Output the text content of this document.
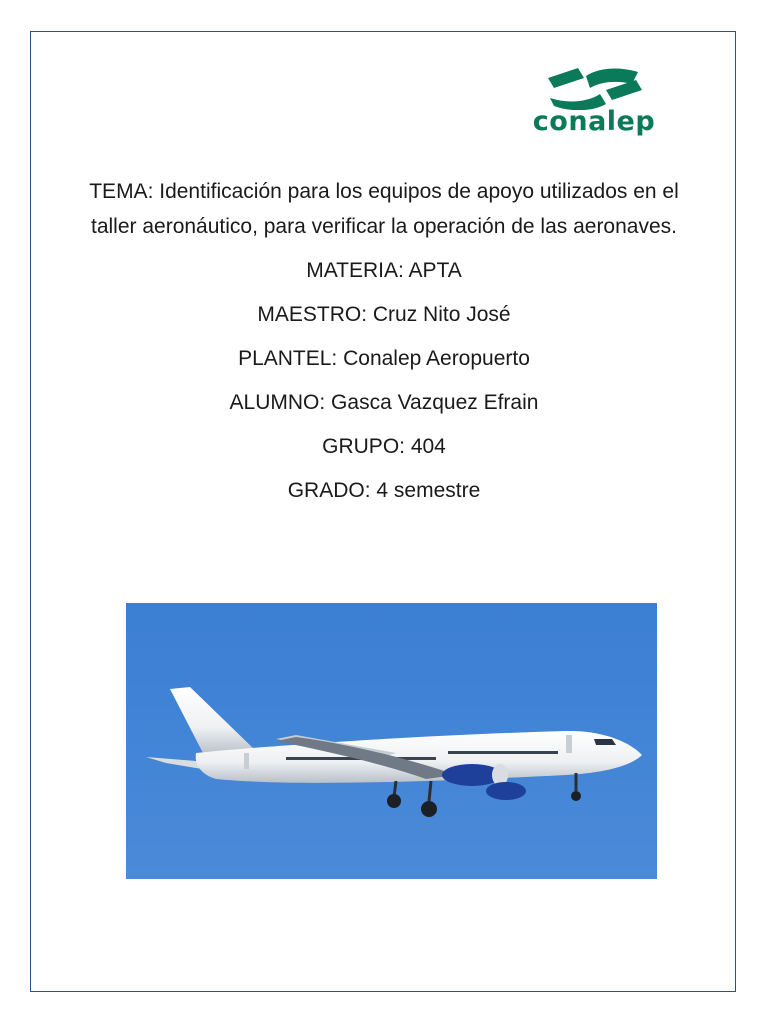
conalep
TEMA: Identificación para los equipos de apoyo utilizados en el taller aeronáutico, para verificar la operación de las aeronaves.
MATERIA: APTA
MAESTRO: Cruz Nito José
PLANTEL: Conalep Aeropuerto
ALUMNO: Gasca Vazquez Efrain
GRUPO: 404
GRADO: 4 semestre
